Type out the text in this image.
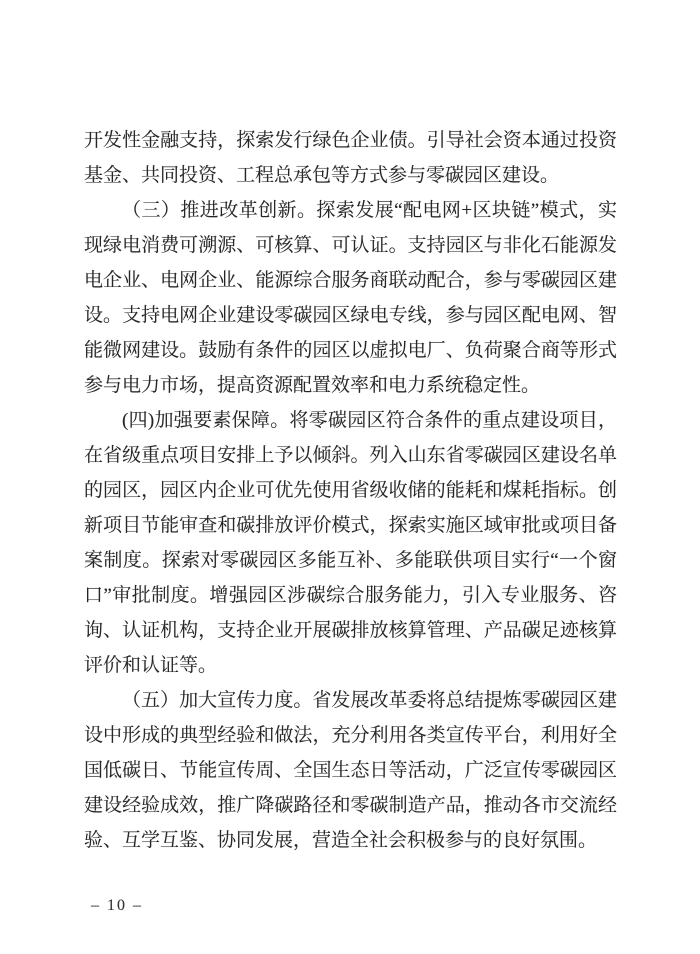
开发性金融支持，探索发行绿色企业债。引导社会资本通过投资基金、共同投资、工程总承包等方式参与零碳园区建设。

（三）推进改革创新。探索发展“配电网+区块链”模式，实现绿电消费可溯源、可核算、可认证。支持园区与非化石能源发电企业、电网企业、能源综合服务商联动配合，参与零碳园区建设。支持电网企业建设零碳园区绿电专线，参与园区配电网、智能微网建设。鼓励有条件的园区以虚拟电厂、负荷聚合商等形式参与电力市场，提高资源配置效率和电力系统稳定性。

(四)加强要素保障。将零碳园区符合条件的重点建设项目，在省级重点项目安排上予以倾斜。列入山东省零碳园区建设名单的园区，园区内企业可优先使用省级收储的能耗和煤耗指标。创新项目节能审查和碳排放评价模式，探索实施区域审批或项目备案制度。探索对零碳园区多能互补、多能联供项目实行“一个窗口”审批制度。增强园区涉碳综合服务能力，引入专业服务、咨询、认证机构，支持企业开展碳排放核算管理、产品碳足迹核算评价和认证等。

（五）加大宣传力度。省发展改革委将总结提炼零碳园区建设中形成的典型经验和做法，充分利用各类宣传平台，利用好全国低碳日、节能宣传周、全国生态日等活动，广泛宣传零碳园区建设经验成效，推广降碳路径和零碳制造产品，推动各市交流经验、互学互鉴、协同发展，营造全社会积极参与的良好氛围。

– 10 –
